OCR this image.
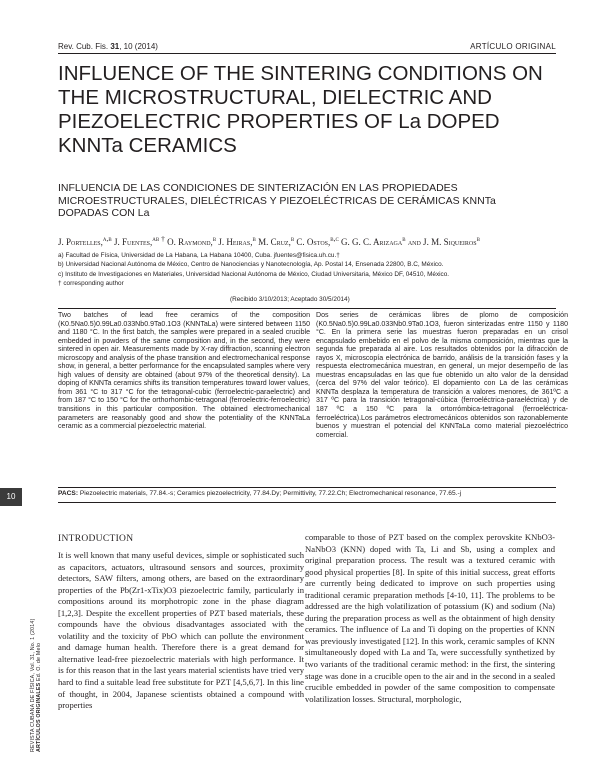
Rev. Cub. Fis. 31, 10 (2014)	ARTÍCULO ORIGINAL
INFLUENCE OF THE SINTERING CONDITIONS ON THE MICROSTRUCTURAL, DIELECTRIC AND PIEZOELECTRIC PROPERTIES OF La DOPED KNNTa CERAMICS
INFLUENCIA DE LAS CONDICIONES DE SINTERIZACIÓN EN LAS PROPIEDADES MICROESTRUCTURALES, DIELÉCTRICAS Y PIEZOELÉCTRICAS DE CERÁMICAS KNNTa DOPADAS CON La
J. Portelles,$^{a,b}$ J. Fuentes,$^{ab \dagger}$ O. Raymond,$^b$ J. Heiras,$^b$ M. Cruz,$^b$ C. Ostos,$^{b,c}$ G. G. C. Arizaga$^b$ and J. M. Siqueiros$^b$
a) Facultad de Física, Universidad de La Habana, La Habana 10400, Cuba. jfuentes@fisica.uh.cu.†
b) Universidad Nacional Autónoma de México, Centro de Nanociencias y Nanotecnología, Ap. Postal 14, Ensenada 22800, B.C, México.
c) Instituto de Investigaciones en Materiales, Universidad Nacional Autónoma de México, Ciudad Universitaria, México DF, 04510, México.
† corresponding author
(Recibido 3/10/2013; Aceptado 30/5/2014)
Two batches of lead free ceramics of the composition (K0.5Na0.5)0.99La0.033Nb0.9Ta0.1O3 (KNNTaLa) were sintered between 1150 and 1180 °C. In the first batch, the samples were prepared in a sealed crucible embedded in powders of the same composition and, in the second, they were sintered in open air. Measurements made by X-ray diffraction, scanning electron microscopy and analysis of the phase transition and electromechanical response show, in general, a better performance for the encapsulated samples where very high values of density are obtained (about 97% of the theoretical density). La doping of KNNTa ceramics shifts its transition temperatures toward lower values, from 361 °C to 317 °C for the tetragonal-cubic (ferroelectric-paraelectric) and from 187 °C to 150 °C for the orthorhombic-tetragonal (ferroelectric-ferroelectric) transitions in this particular composition. The obtained electromechanical parameters are reasonably good and show the potentiality of the KNNTaLa ceramic as a commercial piezoelectric material.
Dos series de cerámicas libres de plomo de composición (K0.5Na0.5)0.99La0.033Nb0.9Ta0.1O3, fueron sinterizadas entre 1150 y 1180 °C. En la primera serie las muestras fueron preparadas en un crisol encapsulado embebido en el polvo de la misma composición, mientras que la segunda fue preparada al aire. Los resultados obtenidos por la difracción de rayos X, microscopía electrónica de barrido, análisis de la transición fases y la respuesta electromecánica muestran, en general, un mejor desempeño de las muestras encapsuladas en las que fue obtenido un alto valor de la densidad (cerca del 97% del valor teórico). El dopamiento con La de las cerámicas KNNTa desplaza la temperatura de transición a valores menores, de 361ºC a 317 ºC para la transición tetragonal-cúbica (ferroeléctrica-paraeléctrica) y de 187 ºC a 150 ºC para la ortorrómbica-tetragonal (ferroeléctrica-ferroeléctrica).Los parámetros electromecánicos obtenidos son razonablemente buenos y muestran el potencial del KNNTaLa como material piezoeléctrico comercial.
PACS: Piezoelectric materials, 77.84.-s; Ceramics piezoelectricity, 77.84.Dy; Permittivity, 77.22.Ch; Electromechanical resonance, 77.65.-j
10
REVISTA CUBANA DE FÍSICA, Vol. 31, No. 1 (2014)
ARTÍCULOS ORIGINALES Ed. O. de Melo
INTRODUCTION

It is well known that many useful devices, simple or sophisticated such as capacitors, actuators, ultrasound sensors and sources, proximity detectors, SAW filters, among others, are based on the extraordinary properties of the Pb(Zr1-xTix)O3 piezoelectric family, particularly in compositions around its morphotropic zone in the phase diagram [1,2,3]. Despite the excellent properties of PZT based materials, these compounds have the obvious disadvantages associated with the volatility and the toxicity of PbO which can pollute the environment and damage human health. Therefore there is a great demand for alternative lead-free piezoelectric materials with high performance. It is for this reason that in the last years material scientists have tried very hard to find a suitable lead free substitute for PZT [4,5,6,7]. In this line of thought, in 2004, Japanese scientists obtained a compound with properties

comparable to those of PZT based on the complex perovskite KNbO3-NaNbO3 (KNN) doped with Ta, Li and Sb, using a complex and original preparation process. The result was a textured ceramic with good physical properties [8]. In spite of this initial success, great efforts are currently being dedicated to improve on such properties using traditional ceramic preparation methods [4-10, 11]. The problems to be addressed are the high volatilization of potassium (K) and sodium (Na) during the preparation process as well as the obtainment of high density ceramics. The influence of La and Ti doping on the properties of KNN was previously investigated [12]. In this work, ceramic samples of KNN simultaneously doped with La and Ta, were successfully synthetized by two variants of the traditional ceramic method: in the first, the sintering stage was done in a crucible open to the air and in the second in a sealed crucible embedded in powder of the same composition to compensate volatilization losses. Structural, morphologic,
